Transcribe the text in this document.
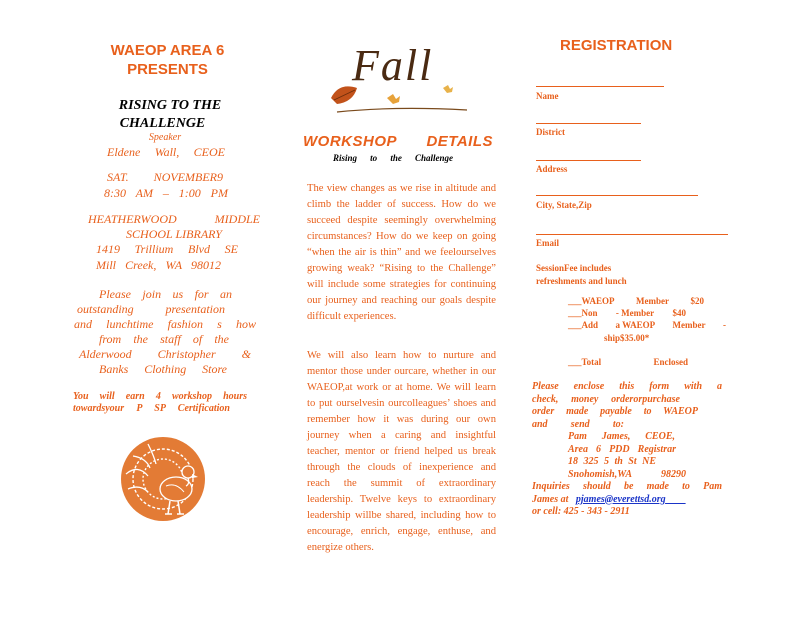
WAEOP AREA 6
PRESENTS
RISING TO THE
CHALLENGE
Speaker
Eldene Wall, CEOE
SAT. NOVEMBER9
8:30 AM – 1:00 PM
HEATHERWOOD MIDDLE
SCHOOL LIBRARY
1419 Trillium Blvd SE
Mill Creek, WA 98012
Please join us for an
outstanding presentation
and lunchtime fashion s how
from the staff of the
Alderwood Christopher &
Banks Clothing Store
You will earn 4 workshop hours
towardsyour P SP Certification
Fall
WORKSHOP DETAILS
Rising to the Challenge
The view changes as we rise in altitude and climb the ladder of success. How do we succeed despite seemingly overwhelming circumstances? How do we keep on going “when the air is thin” and we feelourselves growing weak? “Rising to the Challenge” will include some strategies for continuing our journey and reaching our goals despite difficult experiences.
We will also learn how to nurture and mentor those under ourcare, whether in our WAEOP,at work or at home. We will learn to put ourselvesin ourcolleagues’ shoes and remember how it was during our own journey when a caring and insightful teacher, mentor or friend helped us break through the clouds of inexperience and reach the summit of extraordinary leadership. Twelve keys to extraordinary leadership willbe shared, including how to encourage, enrich, engage, enthuse, and energize others.
REGISTRATION
Name
District
Address
City, State,Zip
Email
SessionFee includes
refreshments and lunch
___WAEOP Member $20
___Non - Member $40
___Add a WAEOP Member -
ship$35.00*
___Total	Enclosed
Please enclose this form with a
check, money orderorpurchase
order made payable to WAEOP
and send to:
Pam James, CEOE,
Area 6 PDD Registrar
18 325 5 th St NE
Snohomish,WA 98290
Inquiries should be made to Pam
James at pjames@everettsd.org
or cell: 425 - 343 - 2911
